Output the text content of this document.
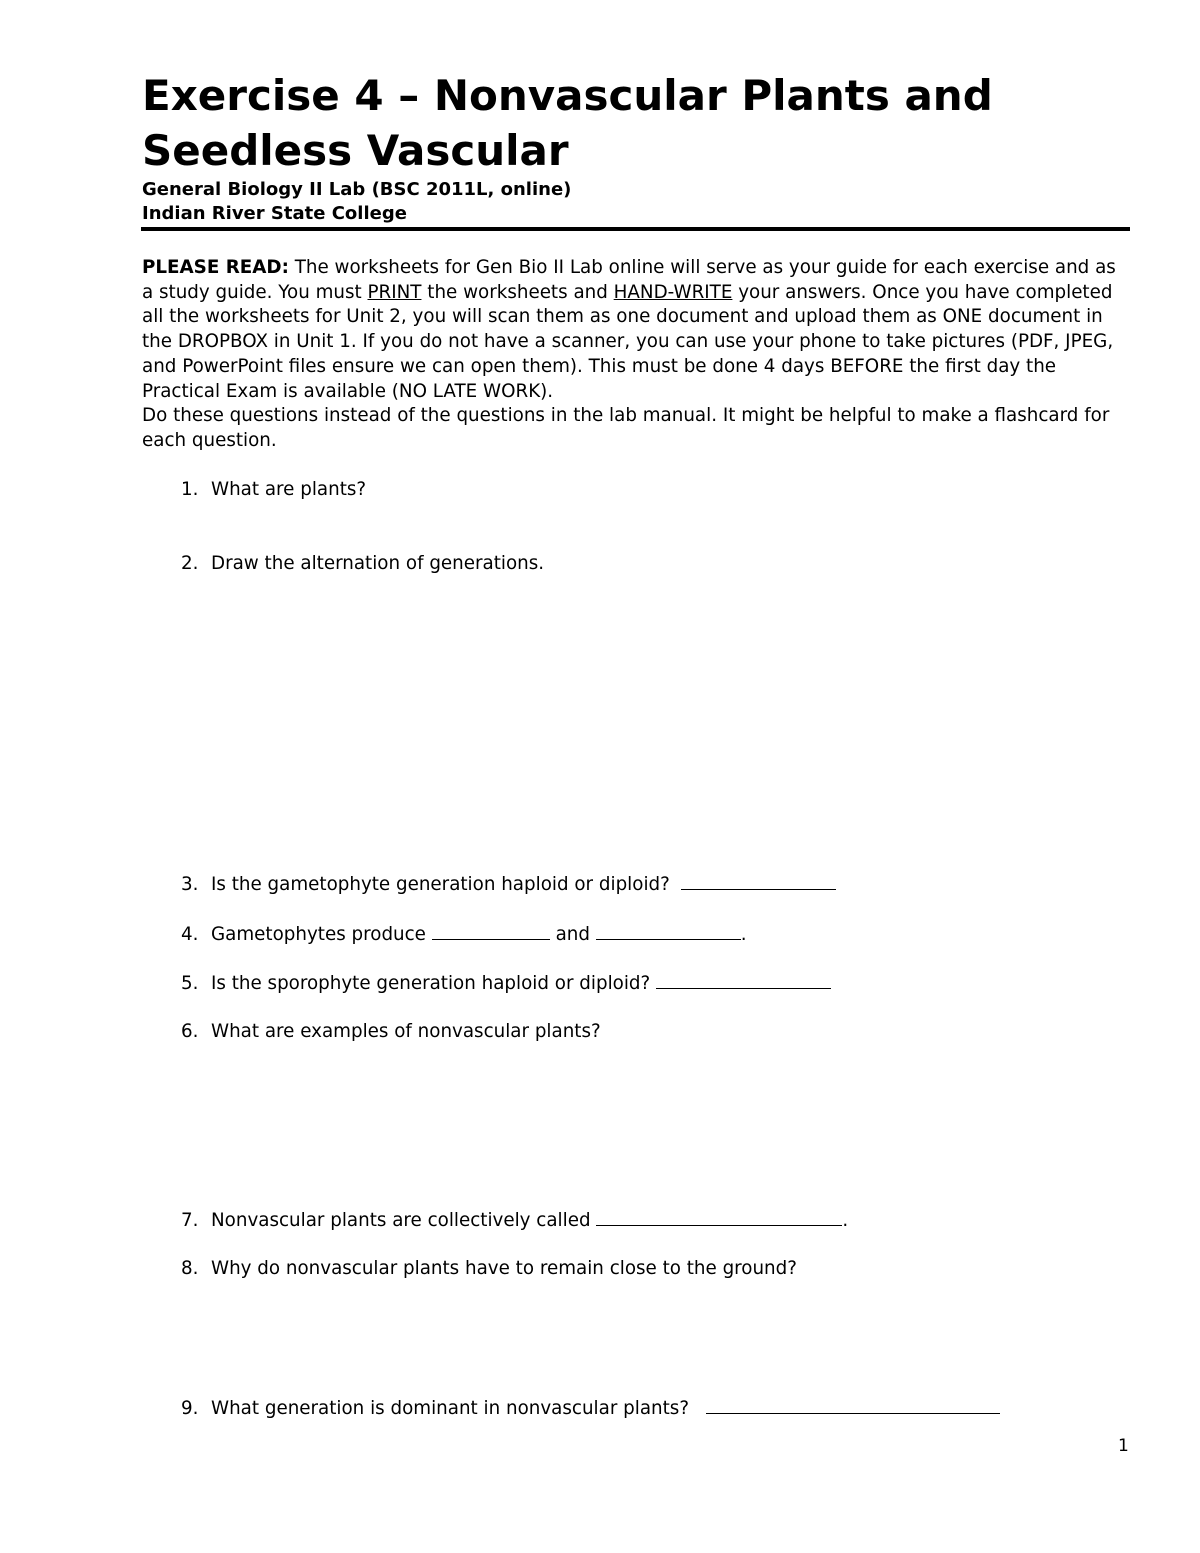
Exercise 4 – Nonvascular Plants and Seedless Vascular

General Biology II Lab (BSC 2011L, online)

Indian River State College

PLEASE READ: The worksheets for Gen Bio II Lab online will serve as your guide for each exercise and as a study guide. You must PRINT the worksheets and HAND-WRITE your answers. Once you have completed all the worksheets for Unit 2, you will scan them as one document and upload them as ONE document in the DROPBOX in Unit 1. If you do not have a scanner, you can use your phone to take pictures (PDF, JPEG, and PowerPoint files ensure we can open them). This must be done 4 days BEFORE the first day the Practical Exam is available (NO LATE WORK).
Do these questions instead of the questions in the lab manual. It might be helpful to make a flashcard for each question.

1. What are plants?

2. Draw the alternation of generations.

3. Is the gametophyte generation haploid or diploid?

4. Gametophytes produce	and	.

5. Is the sporophyte generation haploid or diploid?

6. What are examples of nonvascular plants?

7. Nonvascular plants are collectively called	.

8. Why do nonvascular plants have to remain close to the ground?

9. What generation is dominant in nonvascular plants?

1
